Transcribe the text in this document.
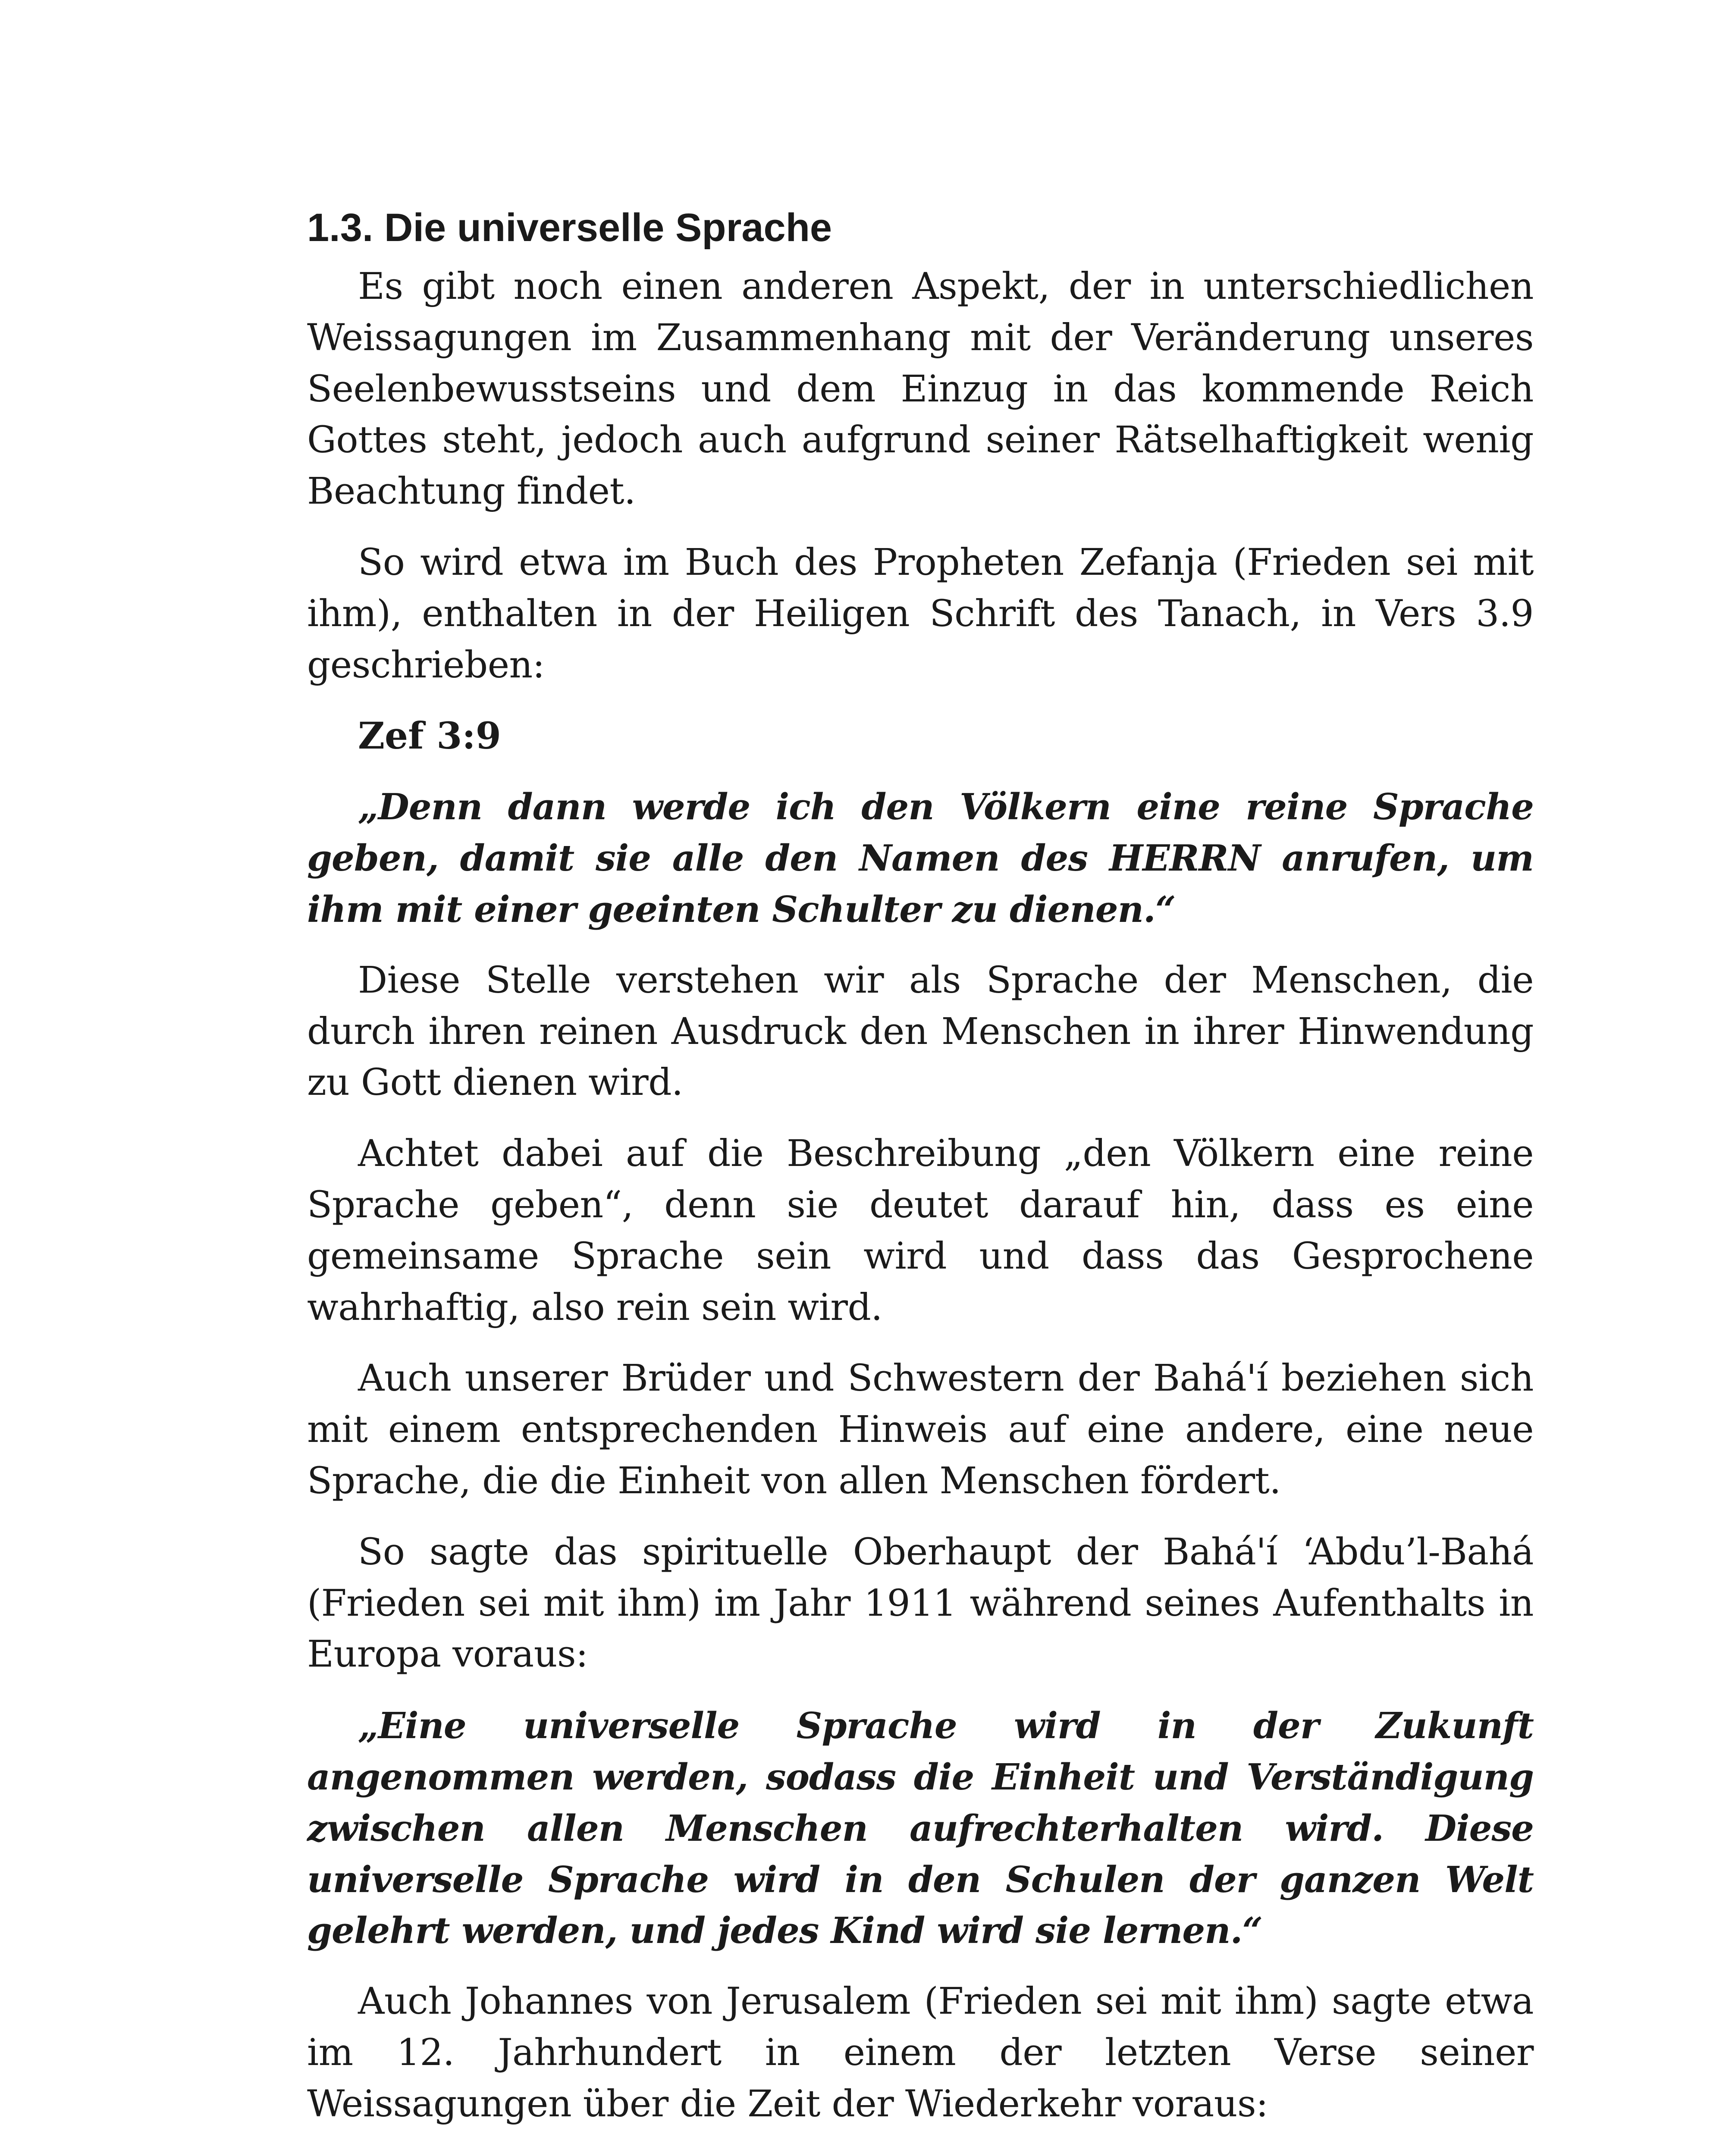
1.3. Die universelle Sprache

Es gibt noch einen anderen Aspekt, der in unterschiedlichen Weissagungen im Zusammenhang mit der Veränderung unseres Seelenbewusstseins und dem Einzug in das kommende Reich Gottes steht, jedoch auch aufgrund seiner Rätselhaftigkeit wenig Beachtung findet.

So wird etwa im Buch des Propheten Zefanja (Frieden sei mit ihm), enthalten in der Heiligen Schrift des Tanach, in Vers 3.9 geschrieben:

Zef 3:9

„Denn dann werde ich den Völkern eine reine Sprache geben, damit sie alle den Namen des HERRN anrufen, um ihm mit einer geeinten Schulter zu dienen.“

Diese Stelle verstehen wir als Sprache der Menschen, die durch ihren reinen Ausdruck den Menschen in ihrer Hinwendung zu Gott dienen wird.

Achtet dabei auf die Beschreibung „den Völkern eine reine Sprache geben“, denn sie deutet darauf hin, dass es eine gemeinsame Sprache sein wird und dass das Gesprochene wahrhaftig, also rein sein wird.

Auch unserer Brüder und Schwestern der Bahá'í beziehen sich mit einem entsprechenden Hinweis auf eine andere, eine neue Sprache, die die Einheit von allen Menschen fördert.

So sagte das spirituelle Oberhaupt der Bahá'í ‘Abdu’l-Bahá (Frieden sei mit ihm) im Jahr 1911 während seines Aufenthalts in Europa voraus:

„Eine universelle Sprache wird in der Zukunft angenommen werden, sodass die Einheit und Verständigung zwischen allen Menschen aufrechterhalten wird. Diese universelle Sprache wird in den Schulen der ganzen Welt gelehrt werden, und jedes Kind wird sie lernen.“

Auch Johannes von Jerusalem (Frieden sei mit ihm) sagte etwa im 12. Jahrhundert in einem der letzten Verse seiner Weissagungen über die Zeit der Wiederkehr voraus:
